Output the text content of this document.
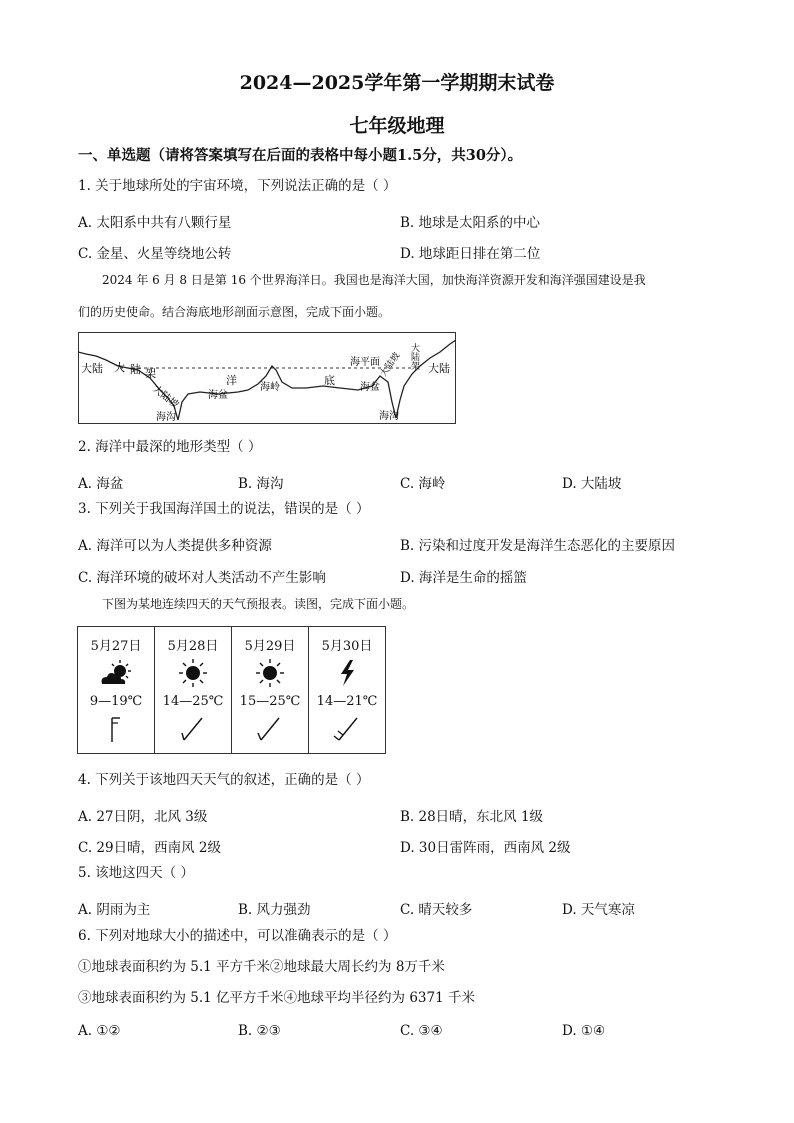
2024—2025学年第一学期期末试卷
七年级地理
一、单选题（请将答案填写在后面的表格中每小题1.5分，共30分）。
1. 关于地球所处的宇宙环境，下列说法正确的是（ ）
A. 太阳系中共有八颗行星	B. 地球是太阳系的中心
C. 金星、火星等绕地公转	D. 地球距日排在第二位
2024 年 6 月 8 日是第 16 个世界海洋日。我国也是海洋大国，加快海洋资源开发和海洋强国建设是我
们的历史使命。结合海底地形剖面示意图，完成下面小题。
大陆 大 陆 架
大陆坡
海沟
洋
海盆
海岭
底
海平面
海盆
大陆架
大陆坡 大陆
海沟
2. 海洋中最深的地形类型（ ）
A. 海盆	B. 海沟	C. 海岭	D. 大陆坡
3. 下列关于我国海洋国土的说法，错误的是（ ）
A. 海洋可以为人类提供多种资源	B. 污染和过度开发是海洋生态恶化的主要原因
C. 海洋环境的破坏对人类活动不产生影响	D. 海洋是生命的摇篮
下图为某地连续四天的天气预报表。读图，完成下面小题。
5月27日
9—19℃

5月28日
14—25℃

5月29日
15—25℃

5月30日
14—21℃
4. 下列关于该地四天天气的叙述，正确的是（ ）
A. 27日阴，北风 3级	B. 28日晴，东北风 1级
C. 29日晴，西南风 2级	D. 30日雷阵雨，西南风 2级
5. 该地这四天（ ）
A. 阴雨为主	B. 风力强劲	C. 晴天较多	D. 天气寒凉
6. 下列对地球大小的描述中，可以准确表示的是（ ）
①地球表面积约为 5.1 平方千米②地球最大周长约为 8万千米
③地球表面积约为 5.1 亿平方千米④地球平均半径约为 6371 千米
A. ①②	B. ②③	C. ③④	D. ①④
